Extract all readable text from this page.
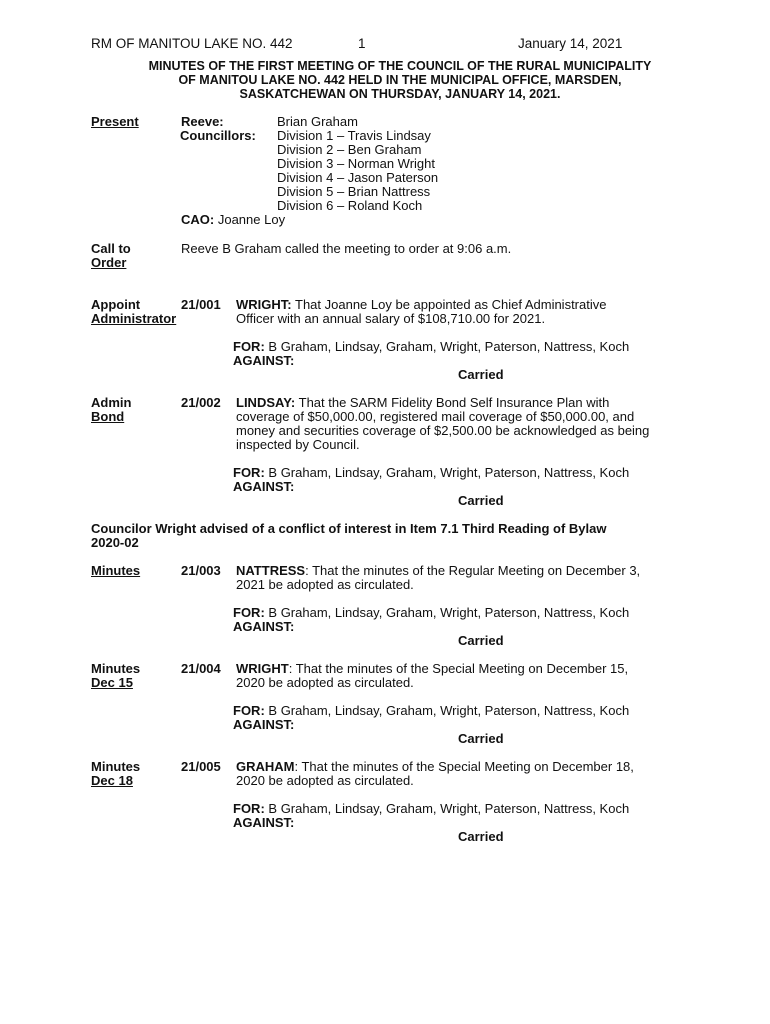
RM OF MANITOU LAKE NO. 442	1	January 14, 2021
MINUTES OF THE FIRST MEETING OF THE COUNCIL OF THE RURAL MUNICIPALITY
OF MANITOU LAKE NO. 442 HELD IN THE MUNICIPAL OFFICE, MARSDEN,
SASKATCHEWAN ON THURSDAY, JANUARY 14, 2021.
Present	Reeve:	Brian Graham
Councillors: Division 1 – Travis Lindsay
Division 2 – Ben Graham
Division 3 – Norman Wright
Division 4 – Jason Paterson
Division 5 – Brian Nattress
Division 6 – Roland Koch
CAO: Joanne Loy
Call to
Order
Reeve B Graham called the meeting to order at 9:06 a.m.
Appoint
Administrator
21/001 WRIGHT: That Joanne Loy be appointed as Chief Administrative
Officer with an annual salary of $108,710.00 for 2021.
FOR: B Graham, Lindsay, Graham, Wright, Paterson, Nattress, Koch
AGAINST:
Carried
Admin
Bond
21/002 LINDSAY: That the SARM Fidelity Bond Self Insurance Plan with
coverage of $50,000.00, registered mail coverage of $50,000.00, and
money and securities coverage of $2,500.00 be acknowledged as being
inspected by Council.
FOR: B Graham, Lindsay, Graham, Wright, Paterson, Nattress, Koch
AGAINST:
Carried
Councilor Wright advised of a conflict of interest in Item 7.1 Third Reading of Bylaw
2020-02
Minutes	21/003 NATTRESS: That the minutes of the Regular Meeting on December 3,
2021 be adopted as circulated.
FOR: B Graham, Lindsay, Graham, Wright, Paterson, Nattress, Koch
AGAINST:
Carried
Minutes
Dec 15
21/004 WRIGHT: That the minutes of the Special Meeting on December 15,
2020 be adopted as circulated.
FOR: B Graham, Lindsay, Graham, Wright, Paterson, Nattress, Koch
AGAINST:
Carried
Minutes
Dec 18
21/005 GRAHAM: That the minutes of the Special Meeting on December 18,
2020 be adopted as circulated.
FOR: B Graham, Lindsay, Graham, Wright, Paterson, Nattress, Koch
AGAINST:
Carried
